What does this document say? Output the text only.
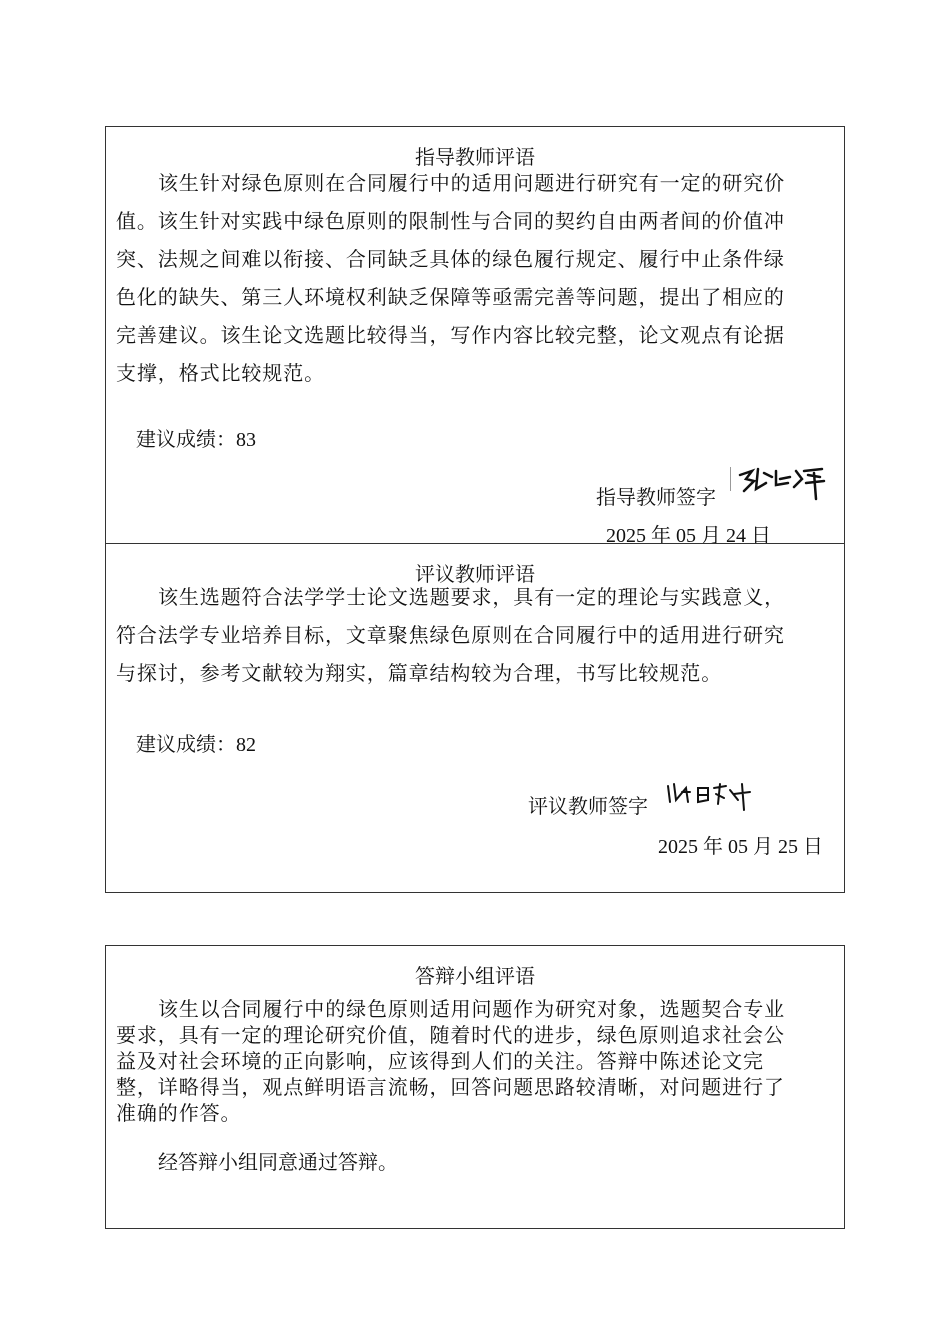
指导教师评语
该生针对绿色原则在合同履行中的适用问题进行研究有一定的研究价
值。该生针对实践中绿色原则的限制性与合同的契约自由两者间的价值冲
突、法规之间难以衔接、合同缺乏具体的绿色履行规定、履行中止条件绿
色化的缺失、第三人环境权利缺乏保障等亟需完善等问题，提出了相应的
完善建议。该生论文选题比较得当，写作内容比较完整，论文观点有论据
支撑，格式比较规范。
建议成绩：83
指导教师签字
2025 年 05 月 24 日
评议教师评语
该生选题符合法学学士论文选题要求，具有一定的理论与实践意义，
符合法学专业培养目标，文章聚焦绿色原则在合同履行中的适用进行研究
与探讨，参考文献较为翔实，篇章结构较为合理，书写比较规范。
建议成绩：82
评议教师签字
2025 年 05 月 25 日
答辩小组评语
该生以合同履行中的绿色原则适用问题作为研究对象，选题契合专业
要求，具有一定的理论研究价值，随着时代的进步，绿色原则追求社会公
益及对社会环境的正向影响，应该得到人们的关注。答辩中陈述论文完
整，详略得当，观点鲜明语言流畅，回答问题思路较清晰，对问题进行了
准确的作答。
经答辩小组同意通过答辩。
